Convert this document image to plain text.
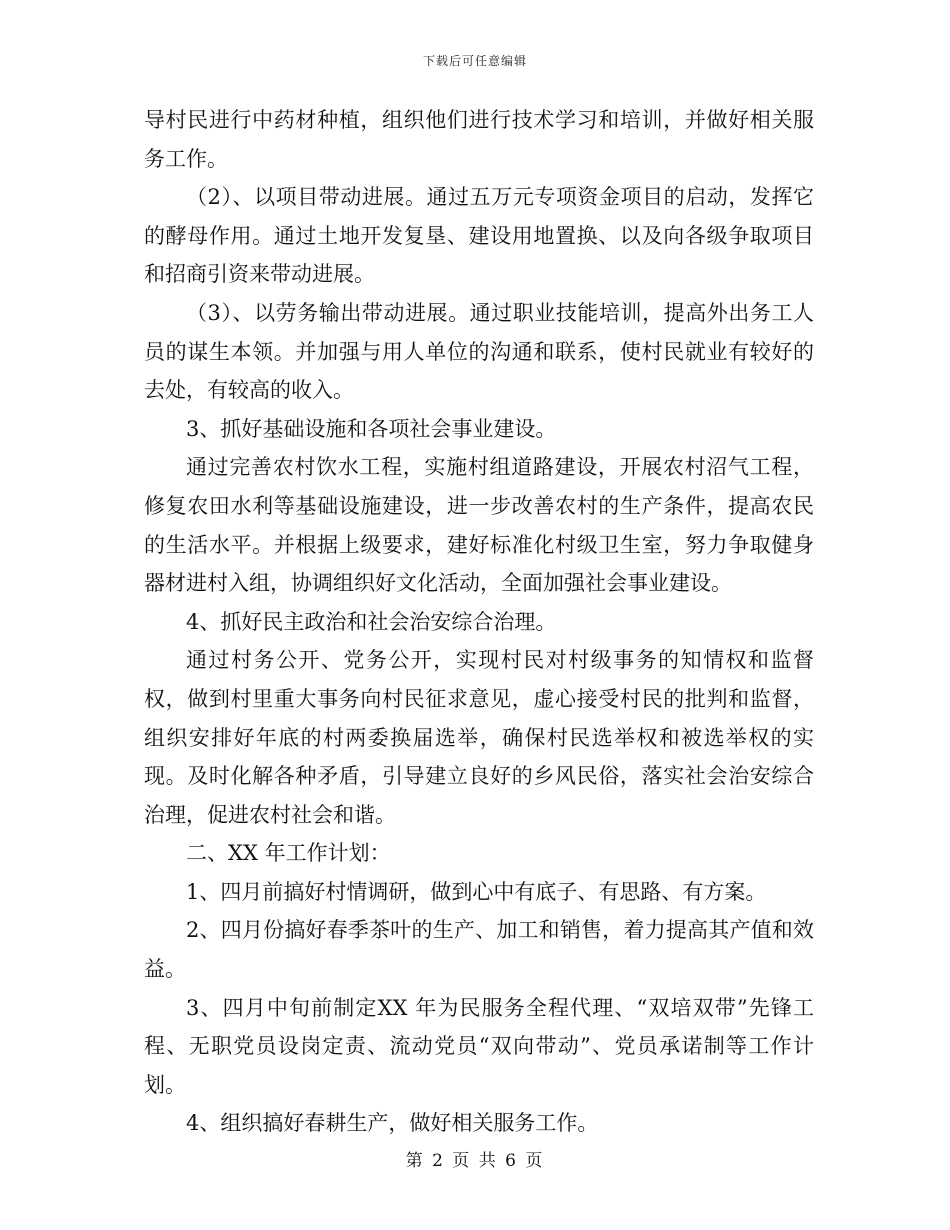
下载后可任意编辑

导村民进行中药材种植，组织他们进行技术学习和培训，并做好相关服务工作。

（2）、以项目带动进展。通过五万元专项资金项目的启动，发挥它的酵母作用。通过土地开发复垦、建设用地置换、以及向各级争取项目和招商引资来带动进展。

（3）、以劳务输出带动进展。通过职业技能培训，提高外出务工人员的谋生本领。并加强与用人单位的沟通和联系，使村民就业有较好的去处，有较高的收入。

3、抓好基础设施和各项社会事业建设。

通过完善农村饮水工程，实施村组道路建设，开展农村沼气工程，修复农田水利等基础设施建设，进一步改善农村的生产条件，提高农民的生活水平。并根据上级要求，建好标准化村级卫生室，努力争取健身器材进村入组，协调组织好文化活动，全面加强社会事业建设。

4、抓好民主政治和社会治安综合治理。

通过村务公开、党务公开，实现村民对村级事务的知情权和监督权，做到村里重大事务向村民征求意见，虚心接受村民的批判和监督，组织安排好年底的村两委换届选举，确保村民选举权和被选举权的实现。及时化解各种矛盾，引导建立良好的乡风民俗，落实社会治安综合治理，促进农村社会和谐。

二、XX 年工作计划：

1、四月前搞好村情调研，做到心中有底子、有思路、有方案。

2、四月份搞好春季茶叶的生产、加工和销售，着力提高其产值和效益。

3、四月中旬前制定XX 年为民服务全程代理、“双培双带”先锋工程、无职党员设岗定责、流动党员“双向带动”、党员承诺制等工作计划。

4、组织搞好春耕生产，做好相关服务工作。

第 2 页 共 6 页
